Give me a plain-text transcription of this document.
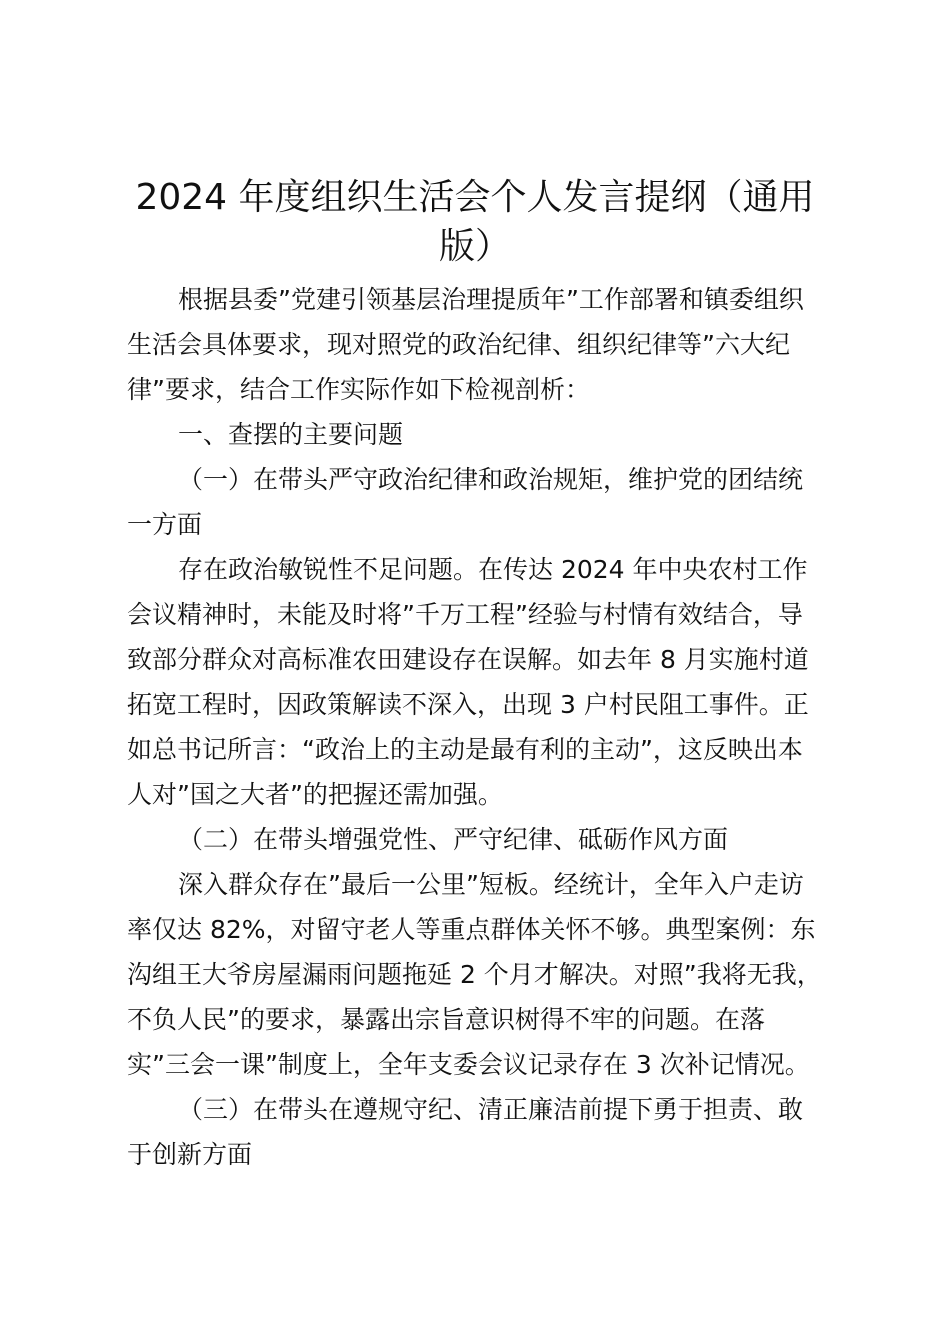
2024 年度组织生活会个人发言提纲（通用
版）

根据县委”党建引领基层治理提质年”工作部署和镇委组织

生活会具体要求，现对照党的政治纪律、组织纪律等”六大纪

律”要求，结合工作实际作如下检视剖析：

一、查摆的主要问题

（一）在带头严守政治纪律和政治规矩，维护党的团结统

一方面

存在政治敏锐性不足问题。在传达 2024 年中央农村工作

会议精神时，未能及时将”千万工程”经验与村情有效结合，导

致部分群众对高标准农田建设存在误解。如去年 8 月实施村道

拓宽工程时，因政策解读不深入，出现 3 户村民阻工事件。正

如总书记所言：“政治上的主动是最有利的主动”，这反映出本

人对”国之大者”的把握还需加强。

（二）在带头增强党性、严守纪律、砥砺作风方面

深入群众存在”最后一公里”短板。经统计，全年入户走访

率仅达 82%，对留守老人等重点群体关怀不够。典型案例：东

沟组王大爷房屋漏雨问题拖延 2 个月才解决。对照”我将无我，

不负人民”的要求，暴露出宗旨意识树得不牢的问题。在落

实”三会一课”制度上，全年支委会议记录存在 3 次补记情况。

（三）在带头在遵规守纪、清正廉洁前提下勇于担责、敢

于创新方面
